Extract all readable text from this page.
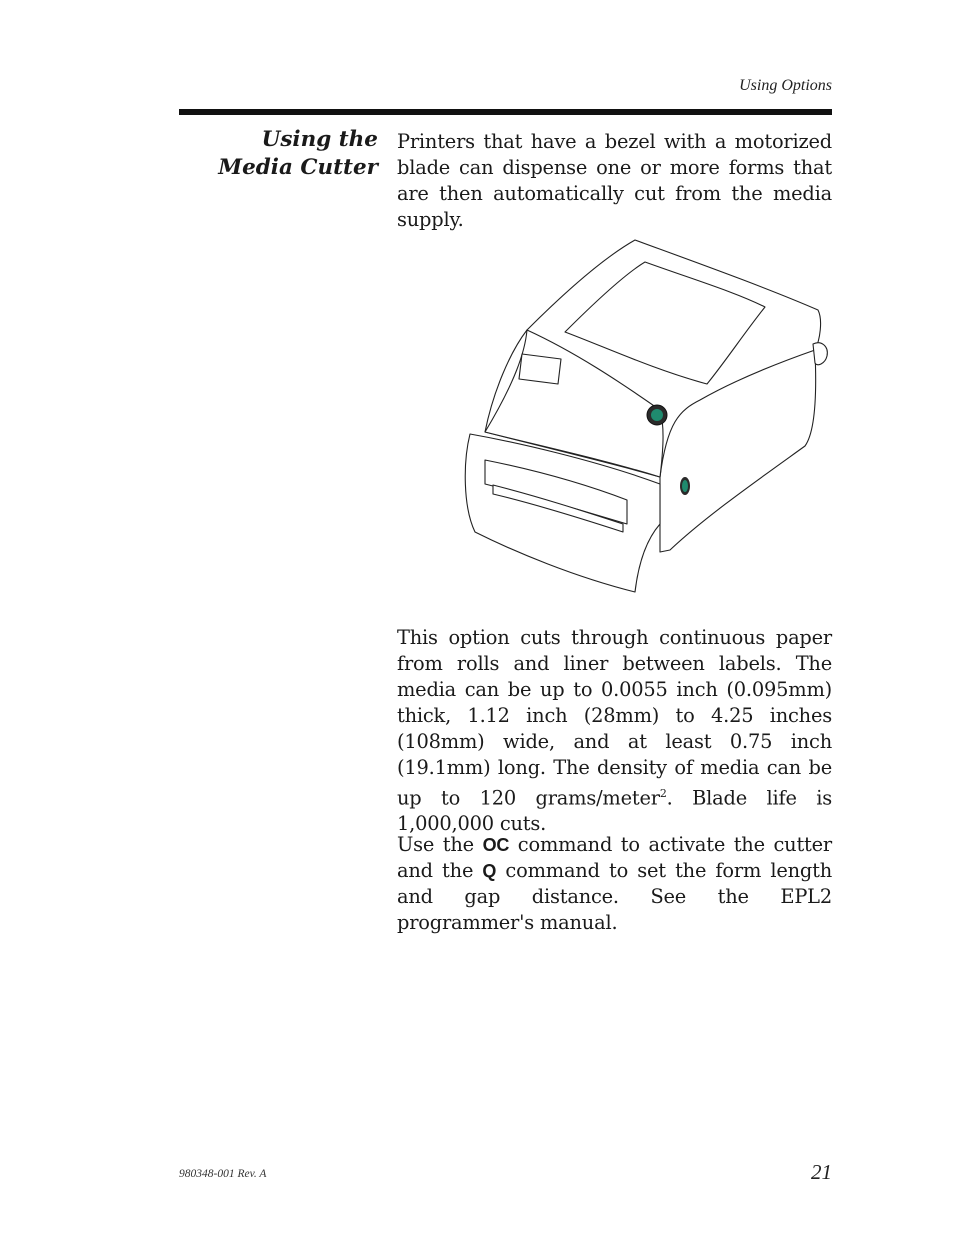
Using Options
Using the
Media Cutter

Printers that have a bezel with a motorized blade can dispense one or more forms that are then automatically cut from the media supply.

This option cuts through continuous paper from rolls and liner between labels. The media can be up to 0.0055 inch (0.095mm) thick, 1.12 inch (28mm) to 4.25 inches (108mm) wide, and at least 0.75 inch (19.1mm) long. The density of media can be up to 120 grams/meter$^2$. Blade life is 1,000,000 cuts.

Use the OC command to activate the cutter and the Q command to set the form length and gap distance. See the EPL2 programmer's manual.

980348-001 Rev. A	21
